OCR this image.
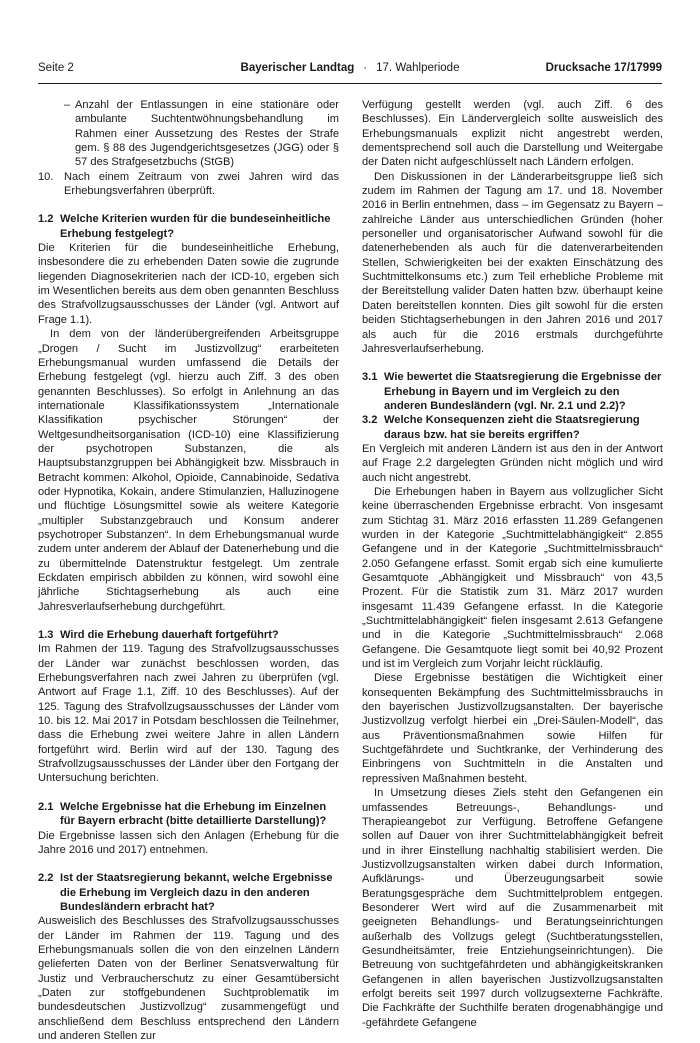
Seite 2	Bayerischer Landtag · 17. Wahlperiode	Drucksache 17/17999
– Anzahl der Entlassungen in eine stationäre oder ambulante Suchtentwöhnungsbehandlung im Rahmen einer Aussetzung des Restes der Strafe gem. § 88 des Jugendgerichtsgesetzes (JGG) oder § 57 des Strafgesetzbuchs (StGB)
10. Nach einem Zeitraum von zwei Jahren wird das Erhebungsverfahren überprüft.
1.2 Welche Kriterien wurden für die bundeseinheitliche Erhebung festgelegt?

Die Kriterien für die bundeseinheitliche Erhebung, insbesondere die zu erhebenden Daten sowie die zugrunde liegenden Diagnosekriterien nach der ICD-10, ergeben sich im Wesentlichen bereits aus dem oben genannten Beschluss des Strafvollzugsausschusses der Länder (vgl. Antwort auf Frage 1.1).

In dem von der länderübergreifenden Arbeitsgruppe „Drogen / Sucht im Justizvollzug“ erarbeiteten Erhebungsmanual wurden umfassend die Details der Erhebung festgelegt (vgl. hierzu auch Ziff. 3 des oben genannten Beschlusses). So erfolgt in Anlehnung an das internationale Klassifikationssystem „Internationale Klassifikation psychischer Störungen“ der Weltgesundheitsorganisation (ICD-10) eine Klassifizierung der psychotropen Substanzen, die als Hauptsubstanzgruppen bei Abhängigkeit bzw. Missbrauch in Betracht kommen: Alkohol, Opioide, Cannabinoide, Sedativa oder Hypnotika, Kokain, andere Stimulanzien, Halluzinogene und flüchtige Lösungsmittel sowie als weitere Kategorie „multipler Substanzgebrauch und Konsum anderer psychotroper Substanzen“. In dem Erhebungsmanual wurde zudem unter anderem der Ablauf der Datenerhebung und die zu übermittelnde Datenstruktur festgelegt. Um zentrale Eckdaten empirisch abbilden zu können, wird sowohl eine jährliche Stichtagserhebung als auch eine Jahresverlaufserhebung durchgeführt.

1.3 Wird die Erhebung dauerhaft fortgeführt?

Im Rahmen der 119. Tagung des Strafvollzugsausschusses der Länder war zunächst beschlossen worden, das Erhebungsverfahren nach zwei Jahren zu überprüfen (vgl. Antwort auf Frage 1.1, Ziff. 10 des Beschlusses). Auf der 125. Tagung des Strafvollzugsausschusses der Länder vom 10. bis 12. Mai 2017 in Potsdam beschlossen die Teilnehmer, dass die Erhebung zwei weitere Jahre in allen Ländern fortgeführt wird. Berlin wird auf der 130. Tagung des Strafvollzugsausschusses der Länder über den Fortgang der Untersuchung berichten.

2.1 Welche Ergebnisse hat die Erhebung im Einzelnen für Bayern erbracht (bitte detaillierte Darstellung)?

Die Ergebnisse lassen sich den Anlagen (Erhebung für die Jahre 2016 und 2017) entnehmen.

2.2 Ist der Staatsregierung bekannt, welche Ergebnisse die Erhebung im Vergleich dazu in den anderen Bundesländern erbracht hat?

Ausweislich des Beschlusses des Strafvollzugsausschusses der Länder im Rahmen der 119. Tagung und des Erhebungsmanuals sollen die von den einzelnen Ländern gelieferten Daten von der Berliner Senatsverwaltung für Justiz und Verbraucherschutz zu einer Gesamtübersicht „Daten zur stoffgebundenen Suchtproblematik im bundesdeutschen Justizvollzug“ zusammengefügt und anschließend dem Beschluss entsprechend den Ländern und anderen Stellen zur

Verfügung gestellt werden (vgl. auch Ziff. 6 des Beschlusses). Ein Ländervergleich sollte ausweislich des Erhebungsmanuals explizit nicht angestrebt werden, dementsprechend soll auch die Darstellung und Weitergabe der Daten nicht aufgeschlüsselt nach Ländern erfolgen.

Den Diskussionen in der Länderarbeitsgruppe ließ sich zudem im Rahmen der Tagung am 17. und 18. November 2016 in Berlin entnehmen, dass – im Gegensatz zu Bayern – zahlreiche Länder aus unterschiedlichen Gründen (hoher personeller und organisatorischer Aufwand sowohl für die datenerhebenden als auch für die datenverarbeitenden Stellen, Schwierigkeiten bei der exakten Einschätzung des Suchtmittelkonsums etc.) zum Teil erhebliche Probleme mit der Bereitstellung valider Daten hatten bzw. überhaupt keine Daten bereitstellen konnten. Dies gilt sowohl für die ersten beiden Stichtagserhebungen in den Jahren 2016 und 2017 als auch für die 2016 erstmals durchgeführte Jahresverlaufserhebung.

3.1 Wie bewertet die Staatsregierung die Ergebnisse der Erhebung in Bayern und im Vergleich zu den anderen Bundesländern (vgl. Nr. 2.1 und 2.2)?
3.2 Welche Konsequenzen zieht die Staatsregierung daraus bzw. hat sie bereits ergriffen?

En Vergleich mit anderen Ländern ist aus den in der Antwort auf Frage 2.2 dargelegten Gründen nicht möglich und wird auch nicht angestrebt.

Die Erhebungen haben in Bayern aus vollzuglicher Sicht keine überraschenden Ergebnisse erbracht. Von insgesamt zum Stichtag 31. März 2016 erfassten 11.289 Gefangenen wurden in der Kategorie „Suchtmittelabhängigkeit“ 2.855 Gefangene und in der Kategorie „Suchtmittelmissbrauch“ 2.050 Gefangene erfasst. Somit ergab sich eine kumulierte Gesamtquote „Abhängigkeit und Missbrauch“ von 43,5 Prozent. Für die Statistik zum 31. März 2017 wurden insgesamt 11.439 Gefangene erfasst. In die Kategorie „Suchtmittelabhängigkeit“ fielen insgesamt 2.613 Gefangene und in die Kategorie „Suchtmittelmissbrauch“ 2.068 Gefangene. Die Gesamtquote liegt somit bei 40,92 Prozent und ist im Vergleich zum Vorjahr leicht rückläufig.

Diese Ergebnisse bestätigen die Wichtigkeit einer konsequenten Bekämpfung des Suchtmittelmissbrauchs in den bayerischen Justizvollzugsanstalten. Der bayerische Justizvollzug verfolgt hierbei ein „Drei-Säulen-Modell“, das aus Präventionsmaßnahmen sowie Hilfen für Suchtgefährdete und Suchtkranke, der Verhinderung des Einbringens von Suchtmitteln in die Anstalten und repressiven Maßnahmen besteht.

In Umsetzung dieses Ziels steht den Gefangenen ein umfassendes Betreuungs-, Behandlungs- und Therapieangebot zur Verfügung. Betroffene Gefangene sollen auf Dauer von ihrer Suchtmittelabhängigkeit befreit und in ihrer Einstellung nachhaltig stabilisiert werden. Die Justizvollzugsanstalten wirken dabei durch Information, Aufklärungs- und Überzeugungsarbeit sowie Beratungsgespräche dem Suchtmittelproblem entgegen. Besonderer Wert wird auf die Zusammenarbeit mit geeigneten Behandlungs- und Beratungseinrichtungen außerhalb des Vollzugs gelegt (Suchtberatungsstellen, Gesundheitsämter, freie Entziehungseinrichtungen). Die Betreuung von suchtgefährdeten und abhängigkeitskranken Gefangenen in allen bayerischen Justizvollzugsanstalten erfolgt bereits seit 1997 durch vollzugsexterne Fachkräfte. Die Fachkräfte der Suchthilfe beraten drogenabhängige und -gefährdete Gefangene
